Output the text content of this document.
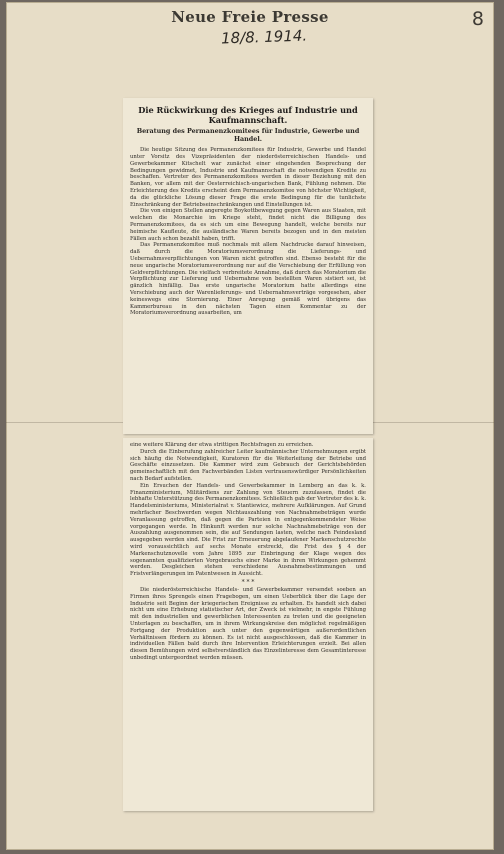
Neue Freie Presse
18/8. 1914.
8
Die Rückwirkung des Krieges auf Industrie und Kaufmannschaft.
Beratung des Permanenzkomitees für Industrie, Gewerbe und Handel.

Die heutige Sitzung des Permanenzkomitees für Industrie, Gewerbe und Handel unter Vorsitz des Vizepräsidenten der niederösterreichischen Handels- und Gewerbekammer Kitschelt war zunächst einer eingehenden Besprechung der Bedingungen gewidmet, Industrie und Kaufmannschaft die notwendigen Kredite zu beschaffen. Vertreter des Permanenzkomitees werden in dieser Beziehung mit den Banken, vor allem mit der Oesterreichisch-ungarischen Bank, Fühlung nehmen. Die Erleichterung des Kredits erscheint dem Permanenzkomitee von höchster Wichtigkeit, da die glückliche Lösung dieser Frage die erste Bedingung für die tunlichste Einschränkung der Betriebseinschränkungen und Einstellungen ist.

Die von einigen Stellen angeregte Boykottbewegung gegen Waren aus Staaten, mit welchen die Monarchie im Kriege steht, findet nicht die Billigung des Permanenzkomitees, da es sich um eine Bewegung handelt, welche bereits nur heimische Kaufleute, die ausländische Waren bereits bezogen und in den meisten Fällen auch schon bezahlt haben, trifft.

Das Permanenzkomitee muß nochmals mit allem Nachdrucke darauf hinweisen, daß durch die Moratoriumsverordnung die Lieferungs- und Uebernahmsverpflichtungen von Waren nicht getroffen sind. Ebenso besteht für die neue ungarische Moratoriumsverordnung nur auf die Verschiebung der Erfüllung von Geldverpflichtungen. Die vielfach verbreitete Annahme, daß durch das Moratorium die Verpflichtung zur Lieferung und Uebernahme von bestellten Waren sistiert sei, ist gänzlich hinfällig. Das erste ungarische Moratorium hatte allerdings eine Verschiebung auch der Warenlieferungs- und Uebernahmsverträge vorgesehen, aber keineswegs eine Stornierung. Einer Anregung gemäß wird übrigens das Kammerbureau in den nächsten Tagen einen Kommentar zu der Moratoriumsverordnung ausarbeiten, um

eine weitere Klärung der etwa strittigen Rechtsfragen zu erreichen.

Durch die Einberufung zahlreicher Leiter kaufmännischer Unternehmungen ergibt sich häufig die Notwendigkeit, Kuratoren für die Weiterleitung der Betriebe und Geschäfte einzusetzen. Die Kammer wird zum Gebrauch der Gerichtsbehörden gemeinschaftlich mit den Fachverbänden Listen vertrauenswürdiger Persönlichkeiten nach Bedarf aufstellen.

Ein Ersuchen der Handels- und Gewerbekammer in Lemberg an das k. k. Finanzministerium, Militärdiens zur Zahlung von Steuern zuzulassen, findet die lebhafte Unterstützung des Permanenzkomitees. Schließlich gab der Vertreter des k. k. Handelsministeriums, Ministerialrat v. Stantiewicz, mehrere Aufklärungen. Auf Grund mehrfacher Beschwerden wegen Nichtauszahlung von Nachnahmebeträgen wurde Veranlassung getroffen, daß gegen die Parteien in entgegenkommendster Weise vorgegangen werde. In Hinkunft werden nur solche Nachnahmebeträge von der Auszahlung ausgenommen sein, die auf Sendungen lasten, welche nach Feindesland ausgegeben werden sind. Die Frist zur Erneuerung abgelaufener Markenschutzrechte wird voraussichtlich auf sechs Monate erstreckt, die Frist des § 4 der Markenschutznovelle vom Jahre 1895 zur Einbringung der Klage wegen des sogenannten qualifizierten Vorgebrauchs einer Marke in ihren Wirkungen gehemmt werden. Desgleichen stehen verschiedene Ausnahmebestimmungen und Fristverlängerungen im Patentwesen in Aussicht.

* * *

Die niederösterreichische Handels- und Gewerbekammer versendet soeben an Firmen ihres Sprengels einen Fragebogen, um einen Ueberblick über die Lage der Industrie seit Beginn der kriegerischen Ereignisse zu erhalten. Es handelt sich dabei nicht um eine Erhebung statistischer Art, der Zweck ist vielmehr, in engste Fühlung mit den industriellen und gewerblichen Interessenten zu treten und die geeigneten Unterlagen zu beschaffen, um in ihrem Wirkungskreise den möglichst regelmäßigen Fortgang der Produktion auch unter den gegenwärtigen außerordentlichen Verhältnissen fördern zu können. Es ist nicht ausgeschlossen, daß die Kammer in individuellen Fällen bald durch ihre Intervention Erleichterungen erzielt. Bei allen diesen Bemühungen wird selbstverständlich das Einzelinteresse dem Gesamtinteresse unbedingt untergeordnet werden müssen.
